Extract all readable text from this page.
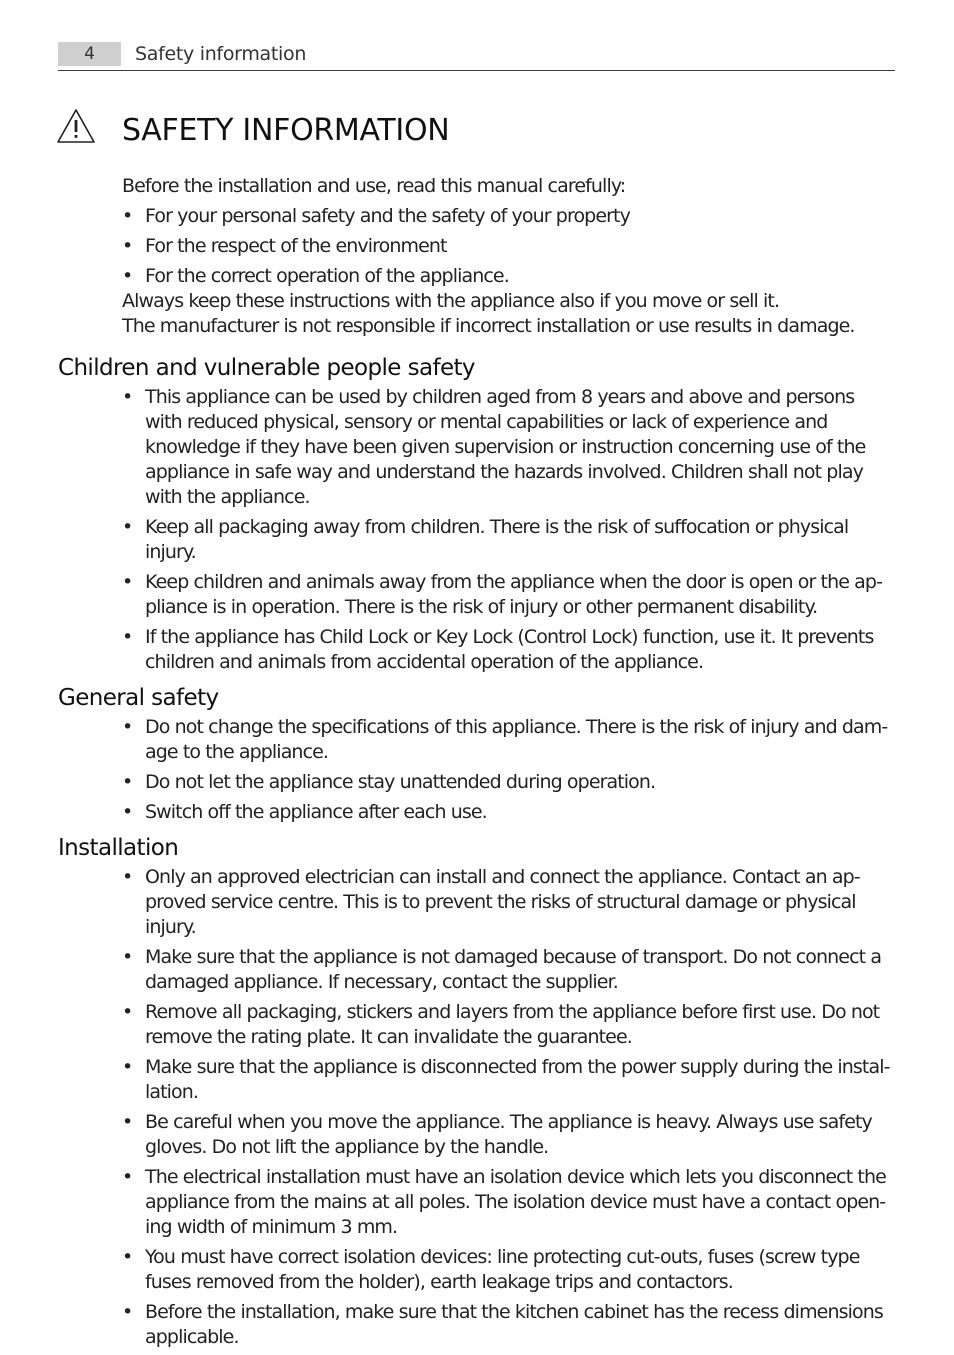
4	Safety information
SAFETY INFORMATION

Before the installation and use, read this manual carefully:

• For your personal safety and the safety of your property
• For the respect of the environment
• For the correct operation of the appliance.

Always keep these instructions with the appliance also if you move or sell it.

The manufacturer is not responsible if incorrect installation or use results in damage.

Children and vulnerable people safety
• This appliance can be used by children aged from 8 years and above and persons with reduced physical, sensory or mental capabilities or lack of experience and knowledge if they have been given supervision or instruction concerning use of the appliance in safe way and understand the hazards involved. Children shall not play with the appliance.
• Keep all packaging away from children. There is the risk of suffocation or physical injury.
• Keep children and animals away from the appliance when the door is open or the appliance is in operation. There is the risk of injury or other permanent disability.
• If the appliance has Child Lock or Key Lock (Control Lock) function, use it. It prevents children and animals from accidental operation of the appliance.
General safety
• Do not change the specifications of this appliance. There is the risk of injury and damage to the appliance.
• Do not let the appliance stay unattended during operation.
• Switch off the appliance after each use.
Installation
• Only an approved electrician can install and connect the appliance. Contact an approved service centre. This is to prevent the risks of structural damage or physical injury.
• Make sure that the appliance is not damaged because of transport. Do not connect a damaged appliance. If necessary, contact the supplier.
• Remove all packaging, stickers and layers from the appliance before first use. Do not remove the rating plate. It can invalidate the guarantee.
• Make sure that the appliance is disconnected from the power supply during the installation.
• Be careful when you move the appliance. The appliance is heavy. Always use safety gloves. Do not lift the appliance by the handle.
• The electrical installation must have an isolation device which lets you disconnect the appliance from the mains at all poles. The isolation device must have a contact opening width of minimum 3 mm.
• You must have correct isolation devices: line protecting cut-outs, fuses (screw type fuses removed from the holder), earth leakage trips and contactors.
• Before the installation, make sure that the kitchen cabinet has the recess dimensions applicable.
